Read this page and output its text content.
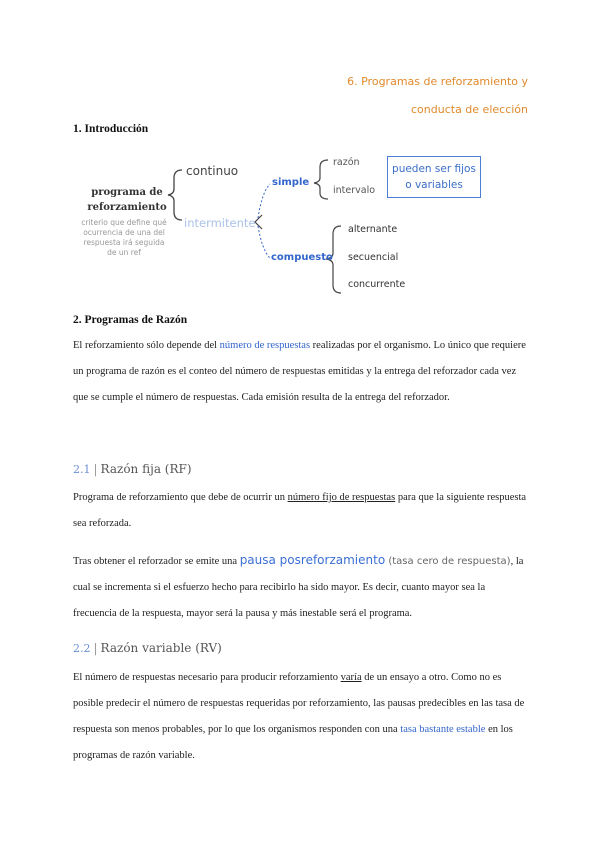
6. Programas de reforzamiento y
conducta de elección
1. Introducción
programa de
reforzamiento
criterio que define qué ocurrencia de una del respuesta irá seguida de un ref
continuo
intermitente
simple
razón
intervalo
pueden ser fijos o variables
compuesto
alternante
secuencial
concurrente
2. Programas de Razón
El reforzamiento sólo depende del número de respuestas realizadas por el organismo. Lo único que requiere un programa de razón es el conteo del número de respuestas emitidas y la entrega del reforzador cada vez que se cumple el número de respuestas. Cada emisión resulta de la entrega del reforzador.
2.1 | Razón fija (RF)
Programa de reforzamiento que debe de ocurrir un número fijo de respuestas para que la siguiente respuesta sea reforzada.
Tras obtener el reforzador se emite una pausa posreforzamiento (tasa cero de respuesta), la cual se incrementa si el esfuerzo hecho para recibirlo ha sido mayor. Es decir, cuanto mayor sea la frecuencia de la respuesta, mayor será la pausa y más inestable será el programa.
2.2 | Razón variable (RV)
El número de respuestas necesario para producir reforzamiento varía de un ensayo a otro. Como no es posible predecir el número de respuestas requeridas por reforzamiento, las pausas predecibles en las tasa de respuesta son menos probables, por lo que los organismos responden con una tasa bastante estable en los programas de razón variable.
